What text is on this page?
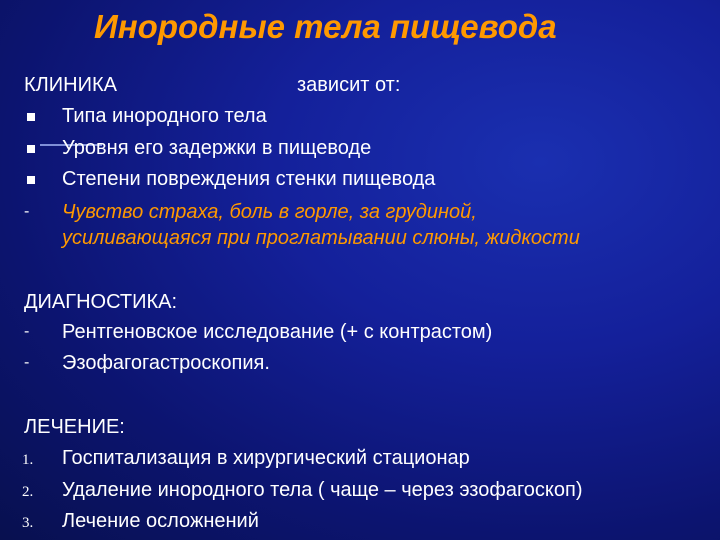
Инородные тела пищевода
КЛИНИКА	зависит от:
Типа инородного тела
Уровня его задержки в пищеводе
Степени повреждения стенки пищевода
- Чувство страха, боль в горле, за грудиной,
усиливающаяся при проглатывании слюны, жидкости
ДИАГНОСТИКА:
- Рентгеновское исследование (+ с контрастом)
- Эзофагогастроскопия.
ЛЕЧЕНИЕ:
1. Госпитализация в хирургический стационар
2. Удаление инородного тела ( чаще – через эзофагоскоп)
3. Лечение осложнений
